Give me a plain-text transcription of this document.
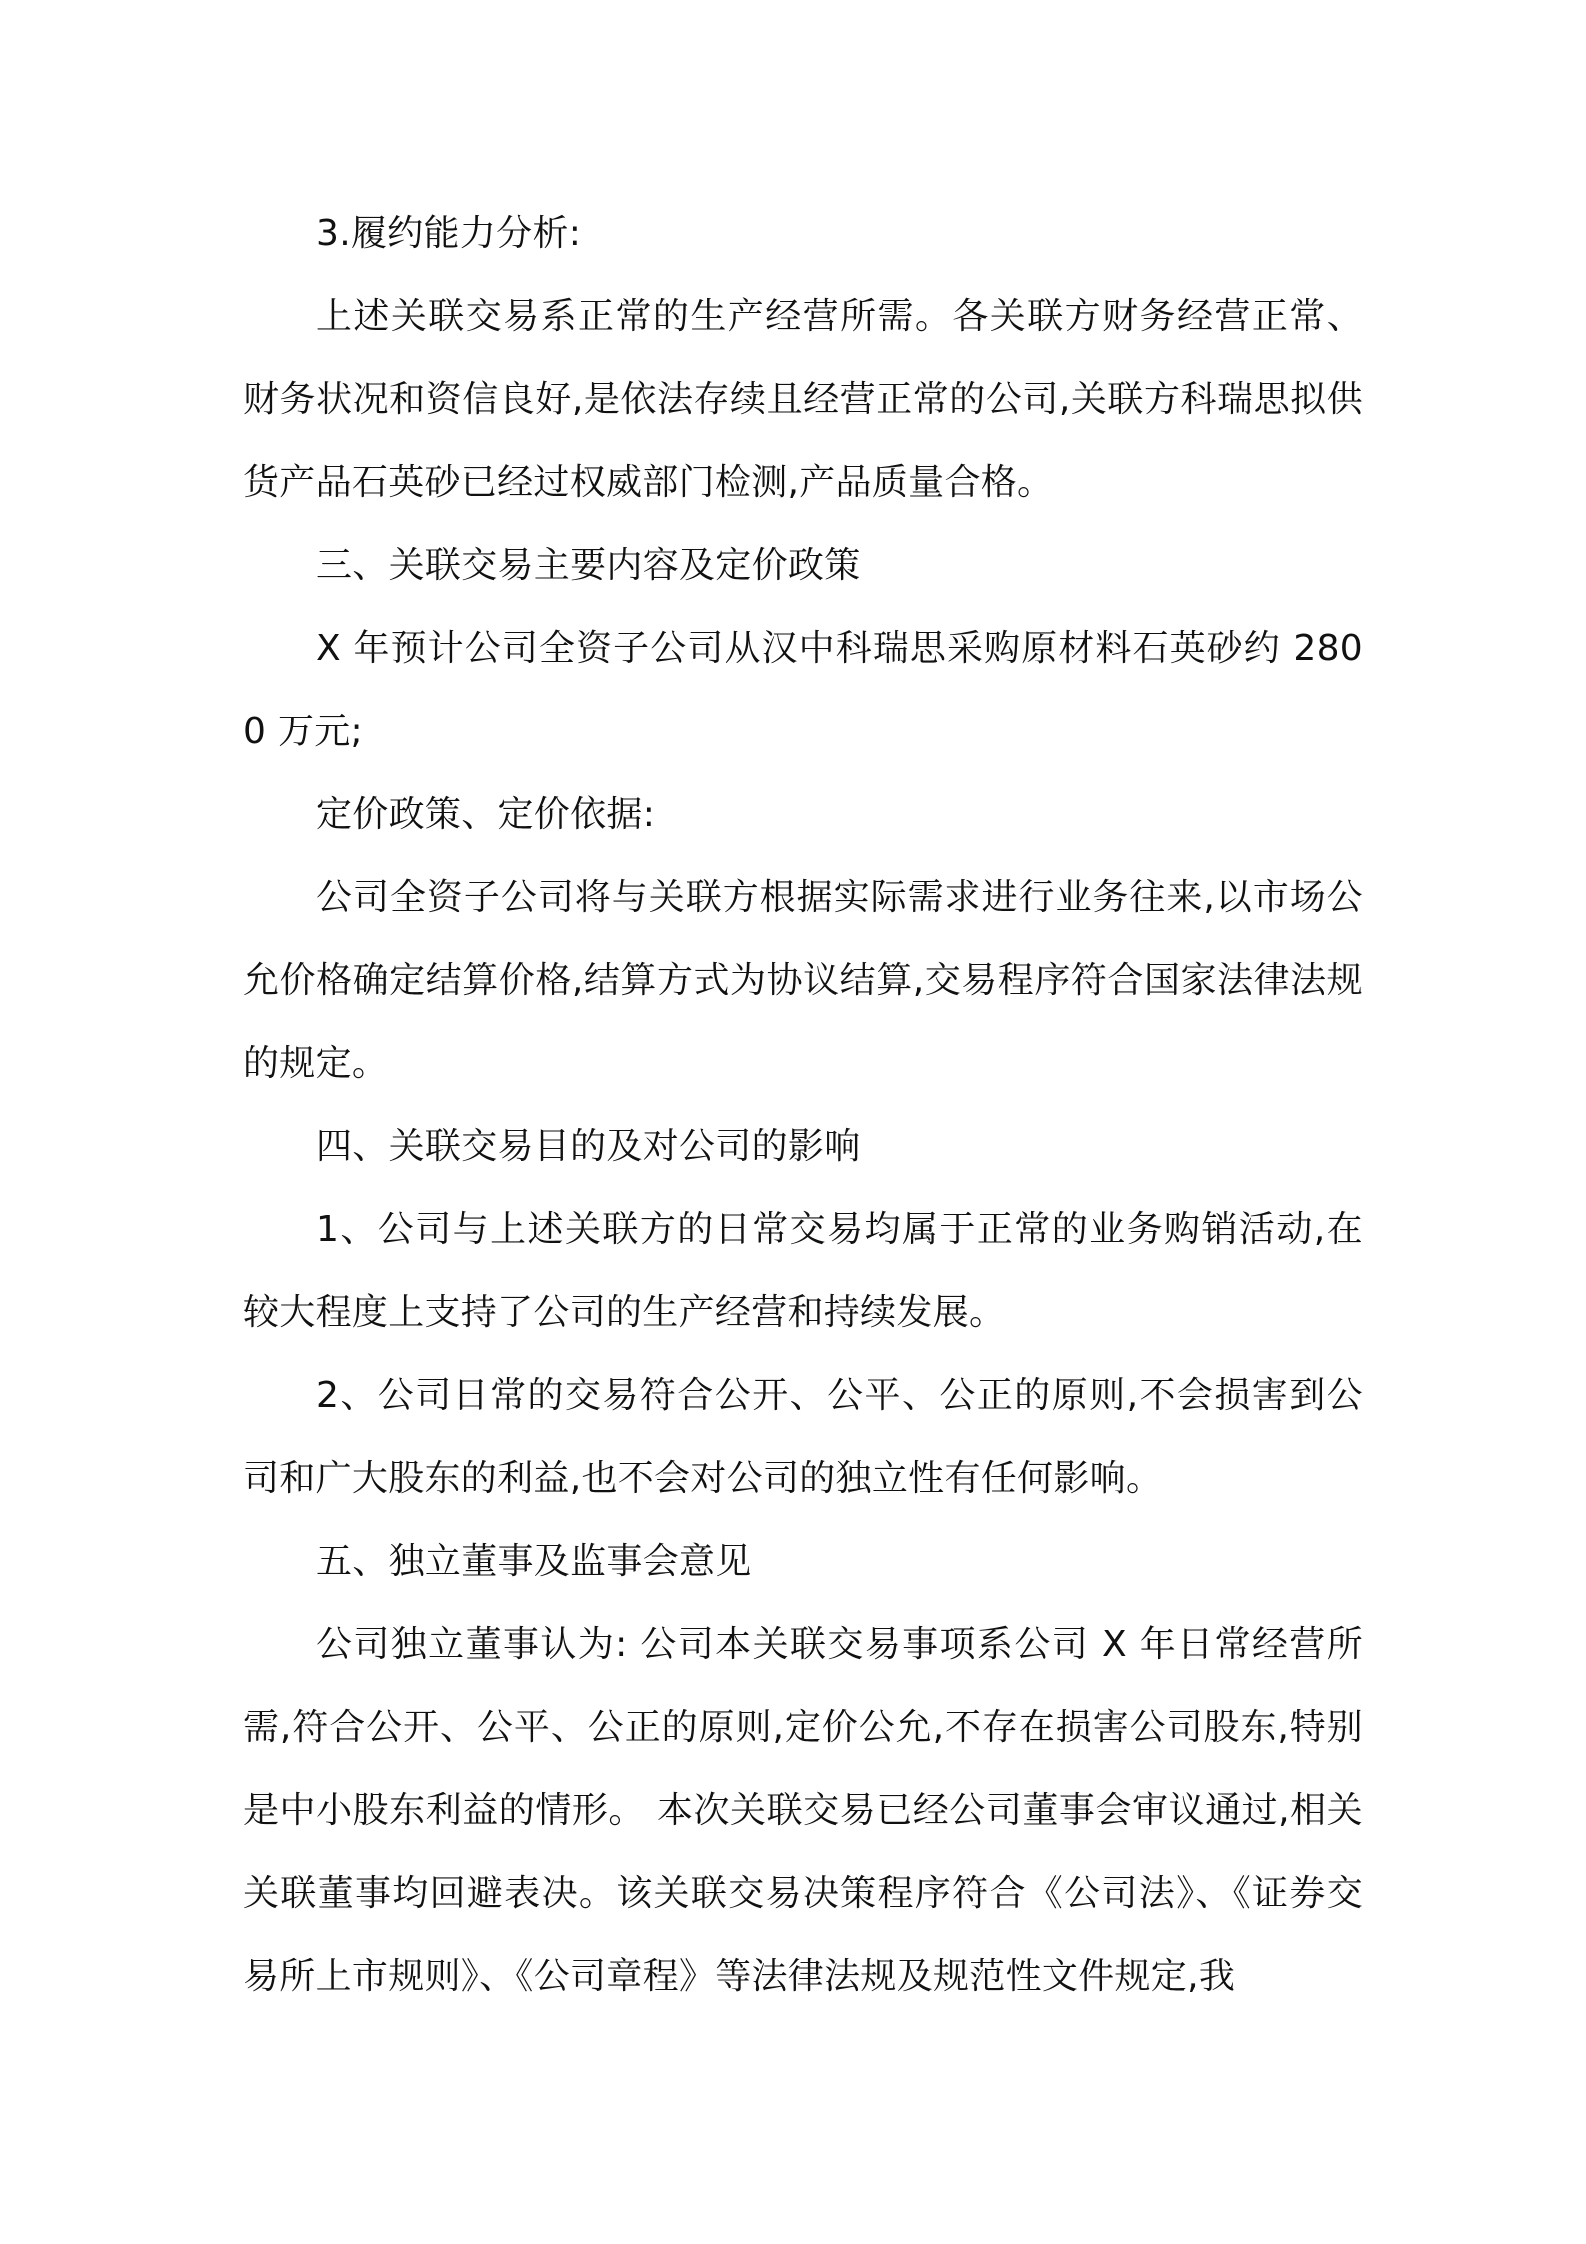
3.履约能力分析:

上述关联交易系正常的生产经营所需。各关联方财务经营正常、财务状况和资信良好,是依法存续且经营正常的公司,关联方科瑞思拟供货产品石英砂已经过权威部门检测,产品质量合格。

三、关联交易主要内容及定价政策

X 年预计公司全资子公司从汉中科瑞思采购原材料石英砂约 2800 万元;

定价政策、定价依据:

公司全资子公司将与关联方根据实际需求进行业务往来,以市场公允价格确定结算价格,结算方式为协议结算,交易程序符合国家法律法规的规定。

四、关联交易目的及对公司的影响

1、公司与上述关联方的日常交易均属于正常的业务购销活动,在较大程度上支持了公司的生产经营和持续发展。

2、公司日常的交易符合公开、公平、公正的原则,不会损害到公司和广大股东的利益,也不会对公司的独立性有任何影响。

五、独立董事及监事会意见

公司独立董事认为: 公司本关联交易事项系公司 X 年日常经营所需,符合公开、公平、公正的原则,定价公允,不存在损害公司股东,特别是中小股东利益的情形。 本次关联交易已经公司董事会审议通过,相关关联董事均回避表决。该关联交易决策程序符合《公司法》、《证券交易所上市规则》、《公司章程》等法律法规及规范性文件规定,我
